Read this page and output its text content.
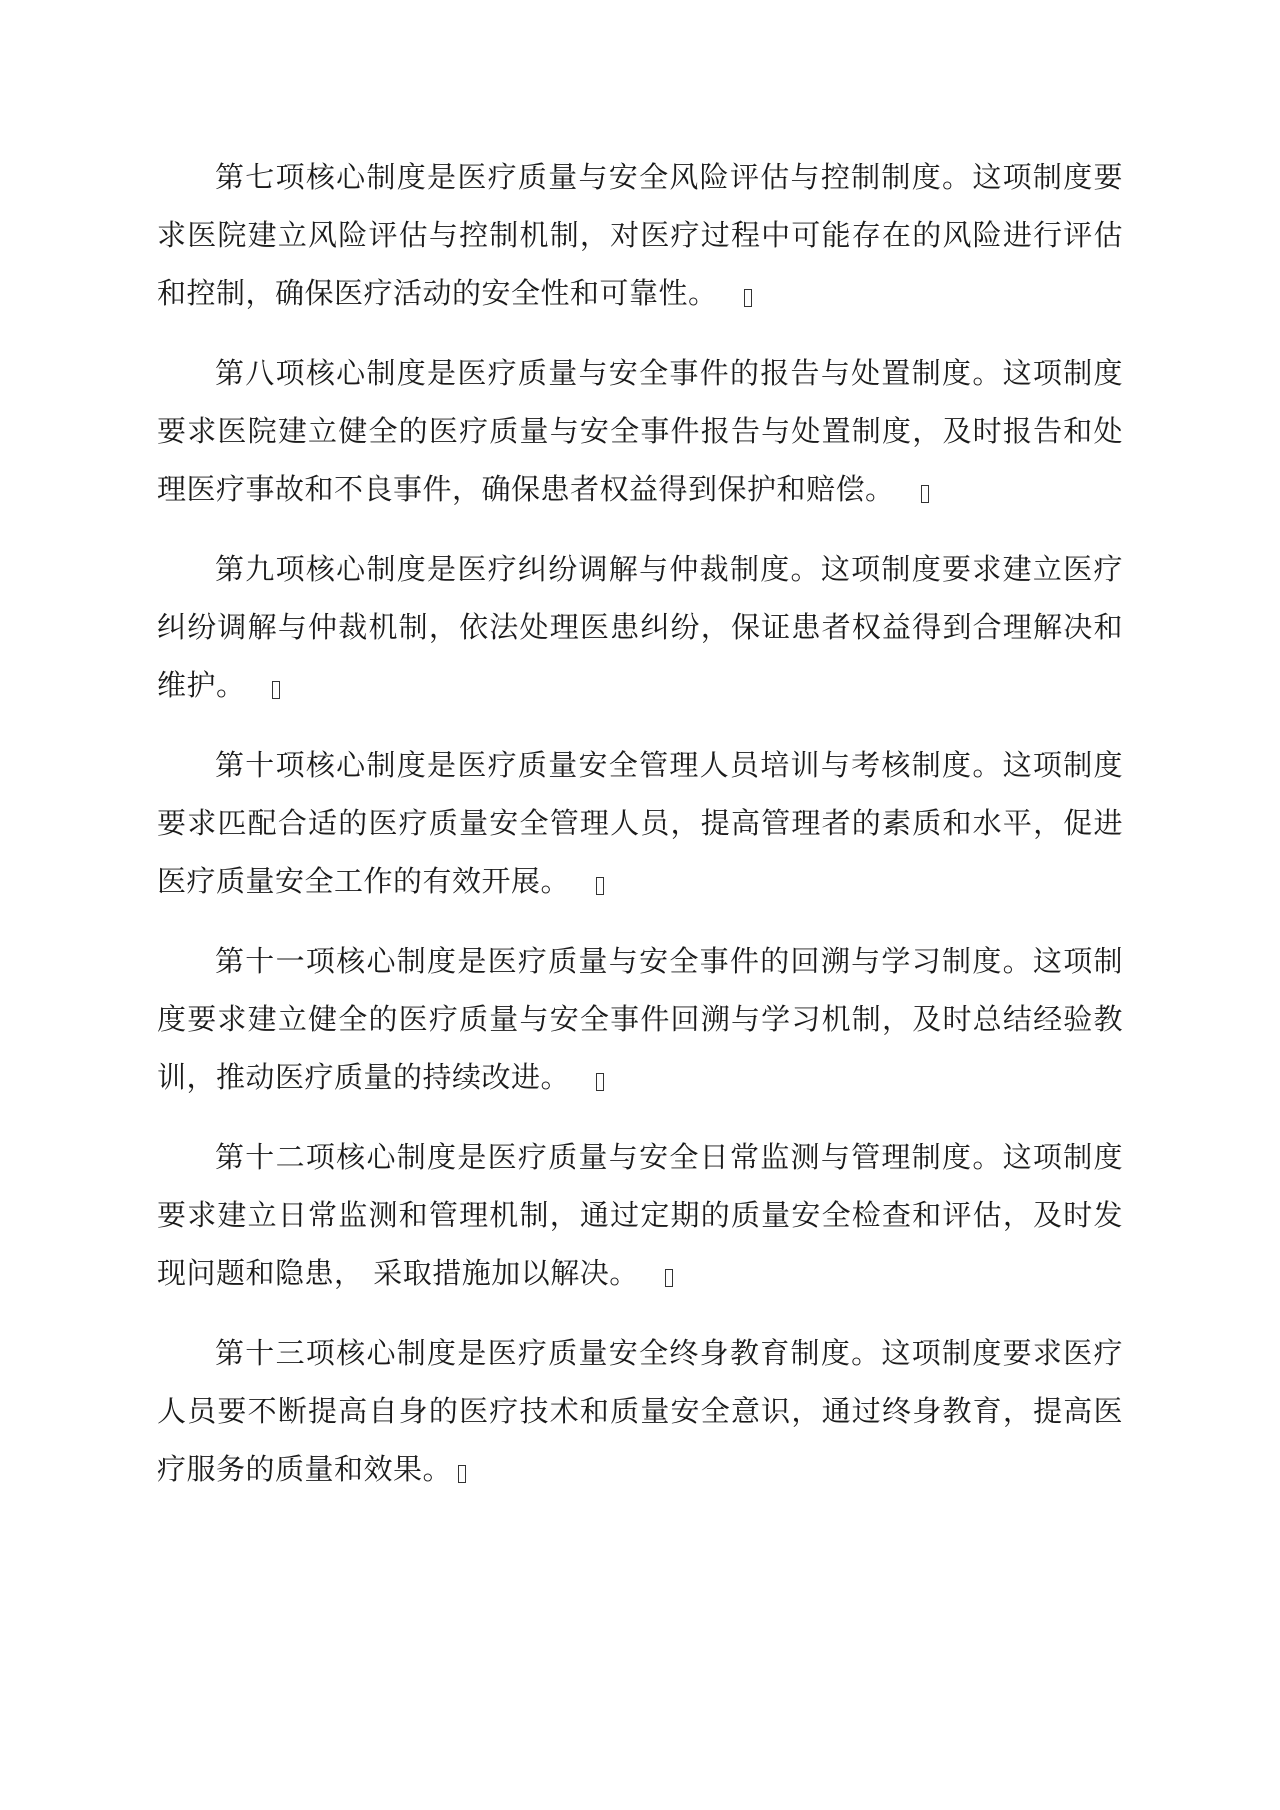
第七项核心制度是医疗质量与安全风险评估与控制制度。这项制度要求医院建立风险评估与控制机制，对医疗过程中可能存在的风险进行评估和控制，确保医疗活动的安全性和可靠性。

第八项核心制度是医疗质量与安全事件的报告与处置制度。这项制度要求医院建立健全的医疗质量与安全事件报告与处置制度，及时报告和处理医疗事故和不良事件，确保患者权益得到保护和赔偿。

第九项核心制度是医疗纠纷调解与仲裁制度。这项制度要求建立医疗纠纷调解与仲裁机制，依法处理医患纠纷，保证患者权益得到合理解决和维护。

第十项核心制度是医疗质量安全管理人员培训与考核制度。这项制度要求匹配合适的医疗质量安全管理人员，提高管理者的素质和水平，促进医疗质量安全工作的有效开展。

第十一项核心制度是医疗质量与安全事件的回溯与学习制度。这项制度要求建立健全的医疗质量与安全事件回溯与学习机制，及时总结经验教训，推动医疗质量的持续改进。

第十二项核心制度是医疗质量与安全日常监测与管理制度。这项制度要求建立日常监测和管理机制，通过定期的质量安全检查和评估，及时发现问题和隐患， 采取措施加以解决。

第十三项核心制度是医疗质量安全终身教育制度。这项制度要求医疗人员要不断提高自身的医疗技术和质量安全意识，通过终身教育，提高医疗服务的质量和效果。
